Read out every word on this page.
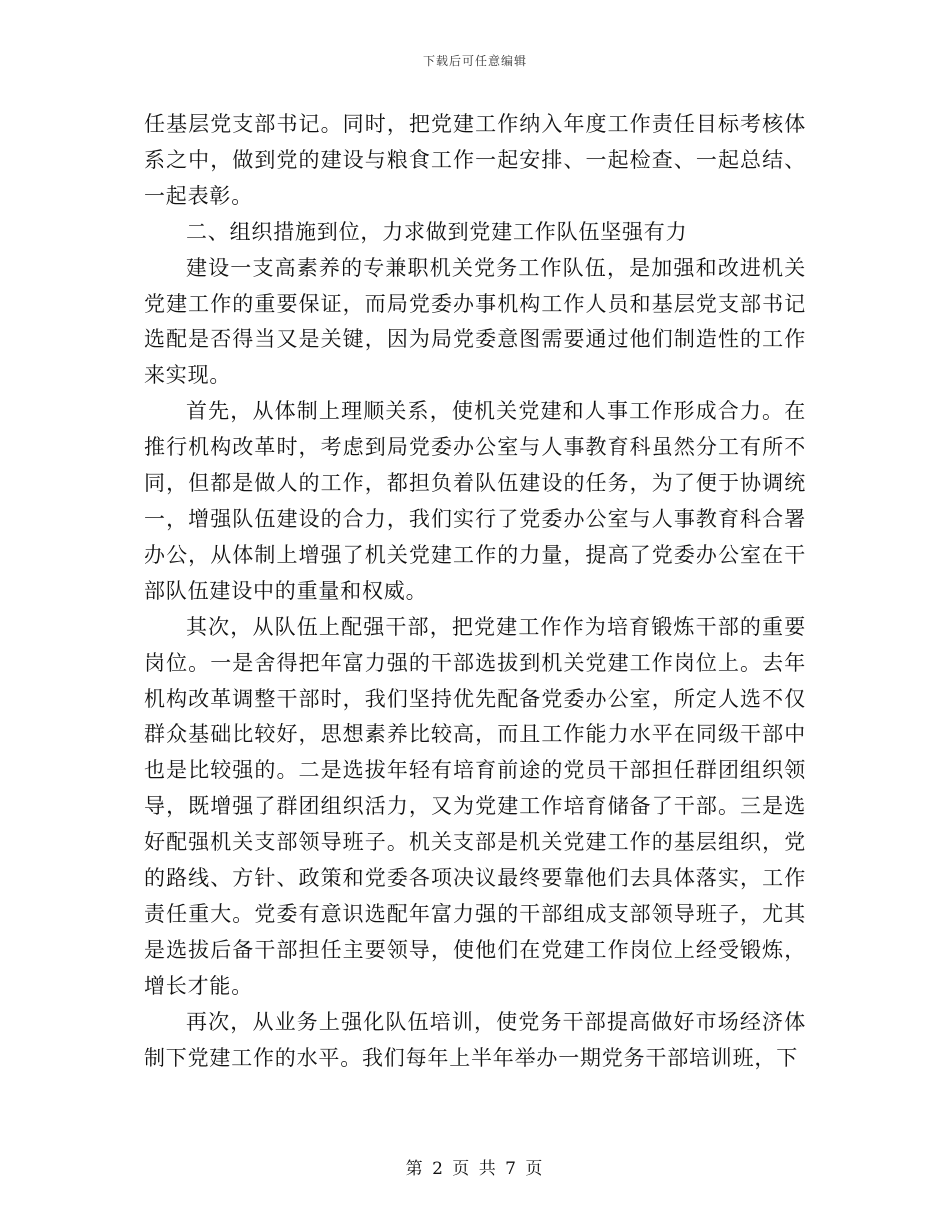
下载后可任意编辑

任基层党支部书记。同时，把党建工作纳入年度工作责任目标考核体系之中，做到党的建设与粮食工作一起安排、一起检查、一起总结、一起表彰。

二、组织措施到位，力求做到党建工作队伍坚强有力

建设一支高素养的专兼职机关党务工作队伍，是加强和改进机关党建工作的重要保证，而局党委办事机构工作人员和基层党支部书记选配是否得当又是关键，因为局党委意图需要通过他们制造性的工作来实现。

首先，从体制上理顺关系，使机关党建和人事工作形成合力。在推行机构改革时，考虑到局党委办公室与人事教育科虽然分工有所不同，但都是做人的工作，都担负着队伍建设的任务，为了便于协调统一，增强队伍建设的合力，我们实行了党委办公室与人事教育科合署办公，从体制上增强了机关党建工作的力量，提高了党委办公室在干部队伍建设中的重量和权威。

其次，从队伍上配强干部，把党建工作作为培育锻炼干部的重要岗位。一是舍得把年富力强的干部选拔到机关党建工作岗位上。去年机构改革调整干部时，我们坚持优先配备党委办公室，所定人选不仅群众基础比较好，思想素养比较高，而且工作能力水平在同级干部中也是比较强的。二是选拔年轻有培育前途的党员干部担任群团组织领导，既增强了群团组织活力，又为党建工作培育储备了干部。三是选好配强机关支部领导班子。机关支部是机关党建工作的基层组织，党的路线、方针、政策和党委各项决议最终要靠他们去具体落实，工作责任重大。党委有意识选配年富力强的干部组成支部领导班子，尤其是选拔后备干部担任主要领导，使他们在党建工作岗位上经受锻炼，增长才能。

再次，从业务上强化队伍培训，使党务干部提高做好市场经济体制下党建工作的水平。我们每年上半年举办一期党务干部培训班，下

第 2 页 共 7 页
